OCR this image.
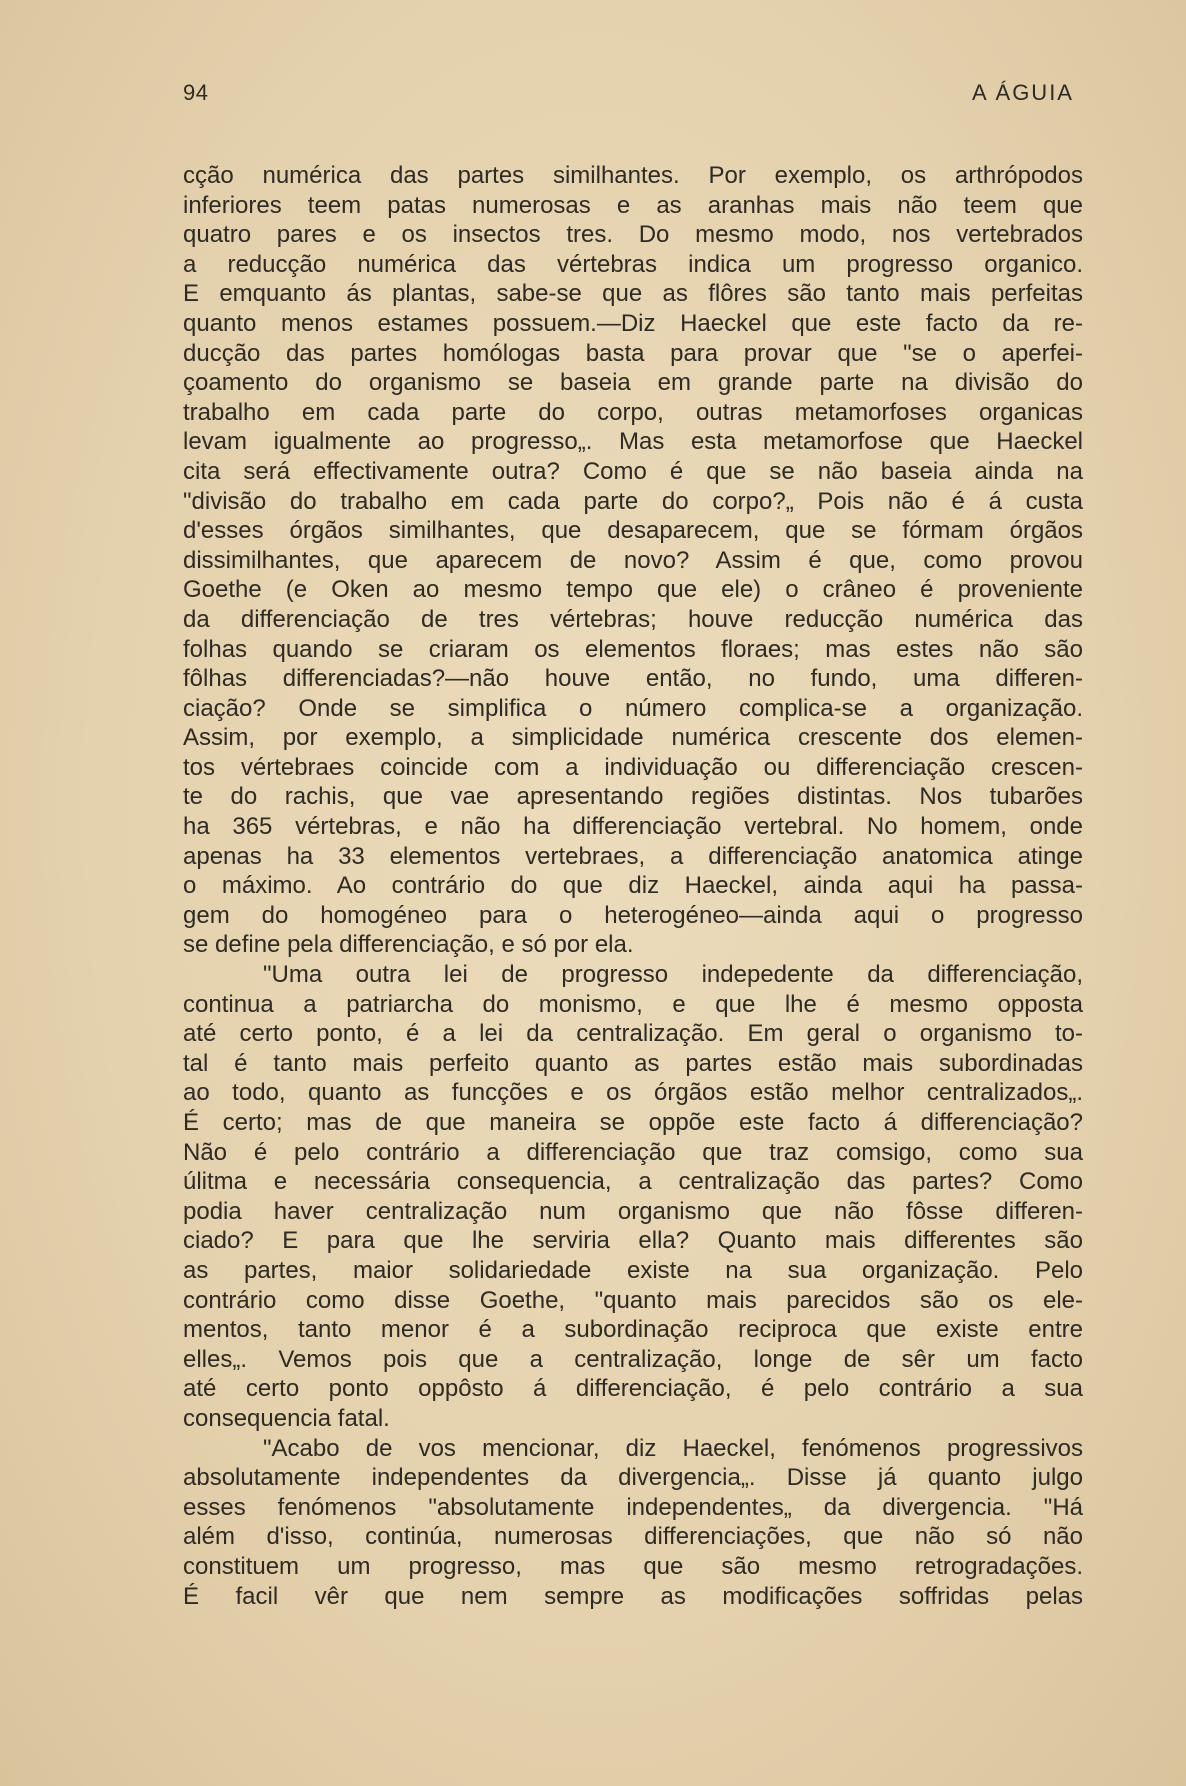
94	A ÁGUIA
cção numérica das partes similhantes. Por exemplo, os arthrópodos
inferiores teem patas numerosas e as aranhas mais não teem que
quatro pares e os insectos tres. Do mesmo modo, nos vertebrados
a reducção numérica das vértebras indica um progresso organico.
E emquanto ás plantas, sabe-se que as flôres são tanto mais perfeitas
quanto menos estames possuem.—Diz Haeckel que este facto da re-
ducção das partes homólogas basta para provar que "se o aperfei-
çoamento do organismo se baseia em grande parte na divisão do
trabalho em cada parte do corpo, outras metamorfoses organicas
levam igualmente ao progresso„. Mas esta metamorfose que Haeckel
cita será effectivamente outra? Como é que se não baseia ainda na
"divisão do trabalho em cada parte do corpo?„ Pois não é á custa
d'esses órgãos similhantes, que desaparecem, que se fórmam órgãos
dissimilhantes, que aparecem de novo? Assim é que, como provou
Goethe (e Oken ao mesmo tempo que ele) o crâneo é proveniente
da differenciação de tres vértebras; houve reducção numérica das
folhas quando se criaram os elementos floraes; mas estes não são
fôlhas differenciadas?—não houve então, no fundo, uma differen-
ciação? Onde se simplifica o número complica-se a organização.
Assim, por exemplo, a simplicidade numérica crescente dos elemen-
tos vértebraes coincide com a individuação ou differenciação crescen-
te do rachis, que vae apresentando regiões distintas. Nos tubarões
ha 365 vértebras, e não ha differenciação vertebral. No homem, onde
apenas ha 33 elementos vertebraes, a differenciação anatomica atinge
o máximo. Ao contrário do que diz Haeckel, ainda aqui ha passa-
gem do homogéneo para o heterogéneo—ainda aqui o progresso
se define pela differenciação, e só por ela.
"Uma outra lei de progresso indepedente da differenciação,
continua a patriarcha do monismo, e que lhe é mesmo opposta
até certo ponto, é a lei da centralização. Em geral o organismo to-
tal é tanto mais perfeito quanto as partes estão mais subordinadas
ao todo, quanto as funcções e os órgãos estão melhor centralizados„.
É certo; mas de que maneira se oppõe este facto á differenciação?
Não é pelo contrário a differenciação que traz comsigo, como sua
úlitma e necessária consequencia, a centralização das partes? Como
podia haver centralização num organismo que não fôsse differen-
ciado? E para que lhe serviria ella? Quanto mais differentes são
as partes, maior solidariedade existe na sua organização. Pelo
contrário como disse Goethe, "quanto mais parecidos são os ele-
mentos, tanto menor é a subordinação reciproca que existe entre
elles„. Vemos pois que a centralização, longe de sêr um facto
até certo ponto oppôsto á differenciação, é pelo contrário a sua
consequencia fatal.
"Acabo de vos mencionar, diz Haeckel, fenómenos progressivos
absolutamente independentes da divergencia„. Disse já quanto julgo
esses fenómenos "absolutamente independentes„ da divergencia. "Há
além d'isso, continúa, numerosas differenciações, que não só não
constituem um progresso, mas que são mesmo retrogradações.
É facil vêr que nem sempre as modificações soffridas pelas
